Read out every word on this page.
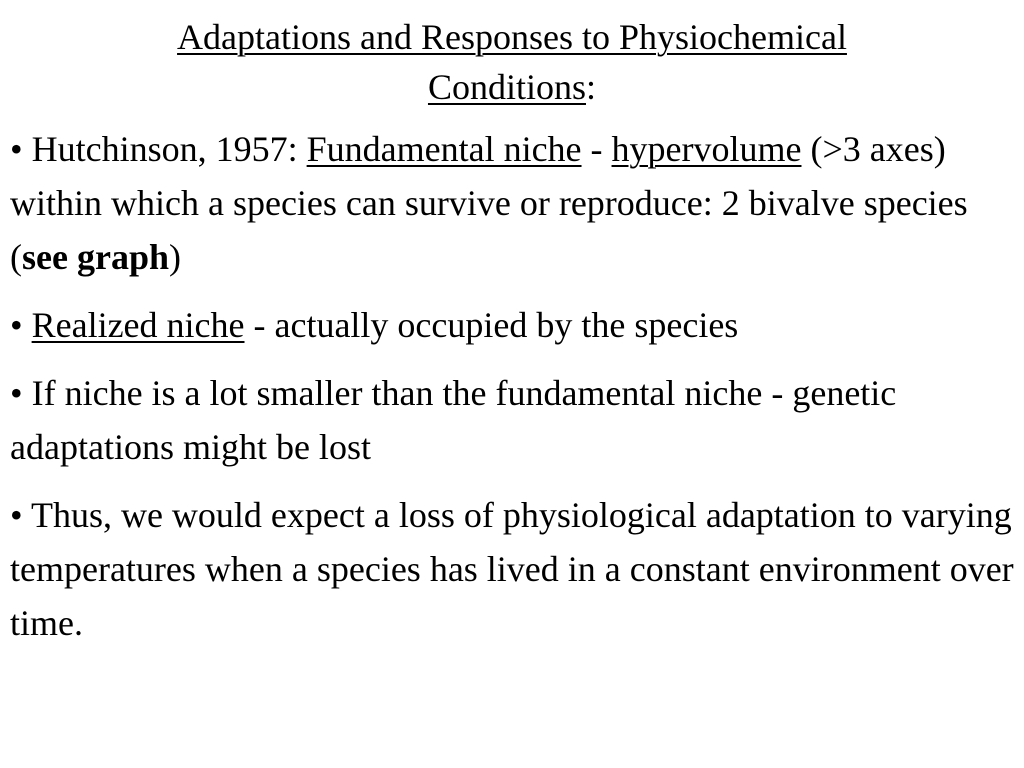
Adaptations and Responses to Physiochemical
Conditions:
• Hutchinson, 1957: Fundamental niche - hypervolume (>3 axes) within which a species can survive or reproduce: 2 bivalve species (see graph)
• Realized niche - actually occupied by the species
• If niche is a lot smaller than the fundamental niche - genetic adaptations might be lost
• Thus, we would expect a loss of physiological adaptation to varying temperatures when a species has lived in a constant environment over time.
